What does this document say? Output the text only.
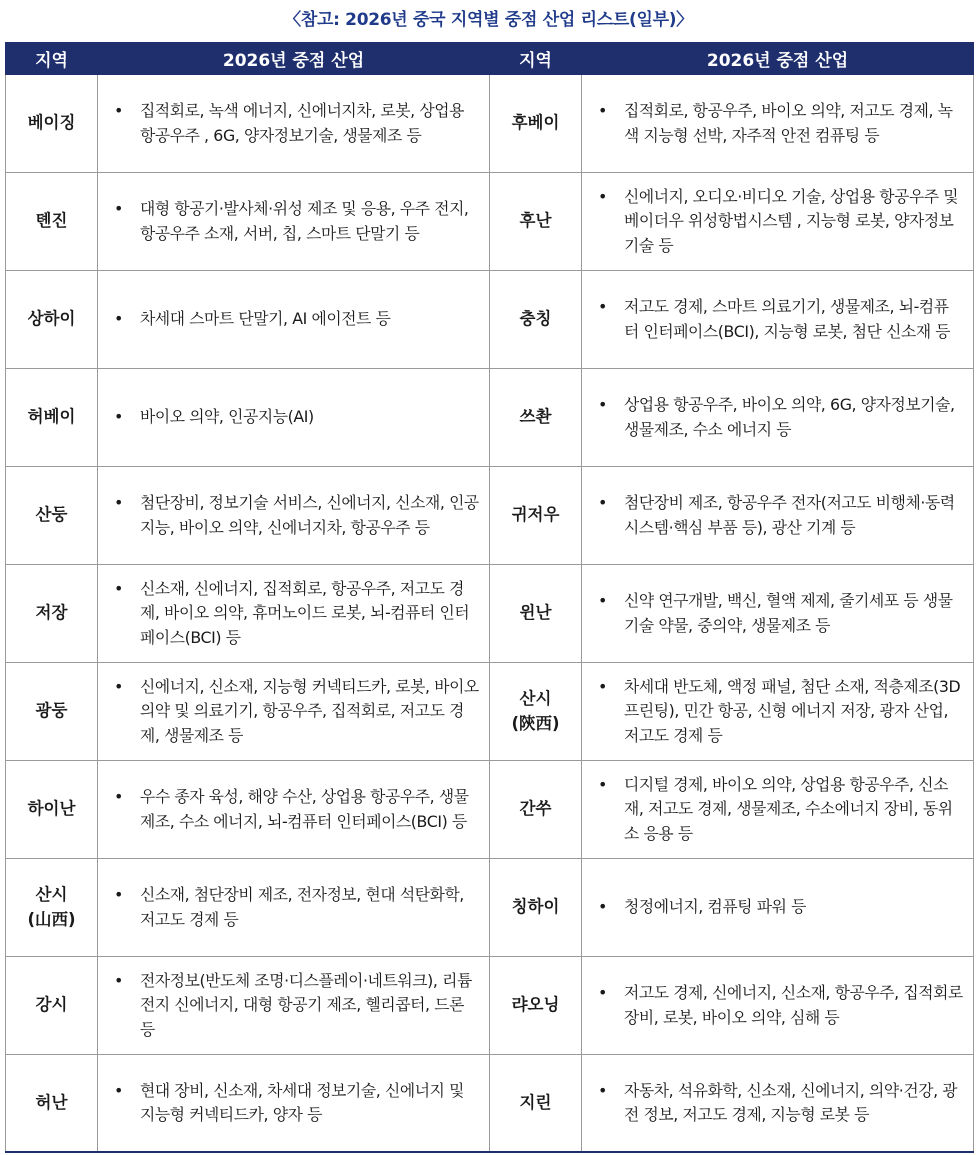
〈참고: 2026년 중국 지역별 중점 산업 리스트(일부)〉
지역	2026년 중점 산업	지역	2026년 중점 산업

베이징	• 집적회로, 녹색 에너지, 신에너지차, 로봇, 상업용 항공우주 , 6G, 양자정보기술, 생물제조 등	후베이	• 집적회로, 항공우주, 바이오 의약, 저고도 경제, 녹색 지능형 선박, 자주적 안전 컴퓨팅 등

톈진	• 대형 항공기·발사체·위성 제조 및 응용, 우주 전지, 항공우주 소재, 서버, 칩, 스마트 단말기 등	후난	• 신에너지, 오디오·비디오 기술, 상업용 항공우주 및 베이더우 위성항법시스템 , 지능형 로봇, 양자정보기술 등

상하이	• 차세대 스마트 단말기, AI 에이전트 등	충칭	• 저고도 경제, 스마트 의료기기, 생물제조, 뇌-컴퓨터 인터페이스(BCI), 지능형 로봇, 첨단 신소재 등

허베이	• 바이오 의약, 인공지능(AI)	쓰촨	• 상업용 항공우주, 바이오 의약, 6G, 양자정보기술, 생물제조, 수소 에너지 등

산둥	• 첨단장비, 정보기술 서비스, 신에너지, 신소재, 인공지능, 바이오 의약, 신에너지차, 항공우주 등	귀저우	• 첨단장비 제조, 항공우주 전자(저고도 비행체·동력 시스템·핵심 부품 등), 광산 기계 등

저장	• 신소재, 신에너지, 집적회로, 항공우주, 저고도 경제, 바이오 의약, 휴머노이드 로봇, 뇌-컴퓨터 인터페이스(BCI) 등	윈난	• 신약 연구개발, 백신, 혈액 제제, 줄기세포 등 생물기술 약물, 중의약, 생물제조 등

광둥	• 신에너지, 신소재, 지능형 커넥티드카, 로봇, 바이오 의약 및 의료기기, 항공우주, 집적회로, 저고도 경제, 생물제조 등	산시
(陝西)	• 차세대 반도체, 액정 패널, 첨단 소재, 적층제조(3D 프린팅), 민간 항공, 신형 에너지 저장, 광자 산업, 저고도 경제 등

하이난	• 우수 종자 육성, 해양 수산, 상업용 항공우주, 생물제조, 수소 에너지, 뇌-컴퓨터 인터페이스(BCI) 등	간쑤	• 디지털 경제, 바이오 의약, 상업용 항공우주, 신소재, 저고도 경제, 생물제조, 수소에너지 장비, 동위소 응용 등

산시
(山西)	• 신소재, 첨단장비 제조, 전자정보, 현대 석탄화학, 저고도 경제 등	칭하이	• 청정에너지, 컴퓨팅 파워 등

강시	• 전자정보(반도체 조명·디스플레이·네트워크), 리튬전지 신에너지, 대형 항공기 제조, 헬리콥터, 드론 등	랴오닝	• 저고도 경제, 신에너지, 신소재, 항공우주, 집적회로 장비, 로봇, 바이오 의약, 심해 등

허난	• 현대 장비, 신소재, 차세대 정보기술, 신에너지 및 지능형 커넥티드카, 양자 등	지린	• 자동차, 석유화학, 신소재, 신에너지, 의약·건강, 광전 정보, 저고도 경제, 지능형 로봇 등
